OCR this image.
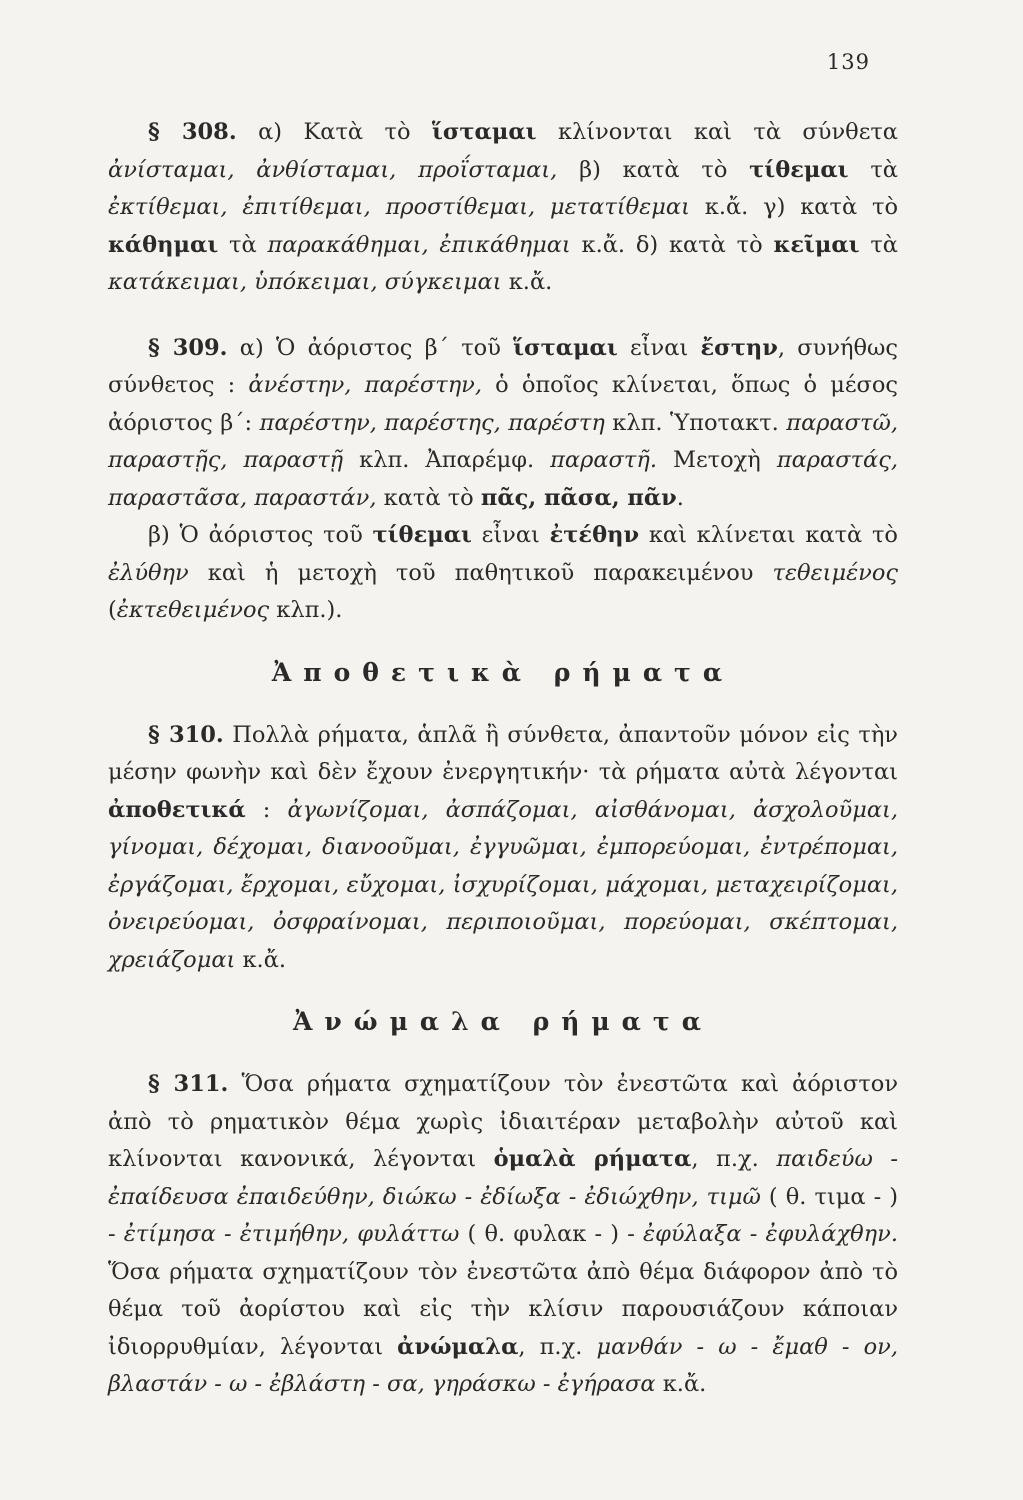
139

§ 308. α) Κατὰ τὸ ἵσταμαι κλίνονται καὶ τὰ σύνθετα ἀνίσταμαι, ἀνθίσταμαι, προΐσταμαι, β) κατὰ τὸ τίθεμαι τὰ ἐκτίθεμαι, ἐπιτίθεμαι, προστίθεμαι, μετατίθεμαι κ.ἄ. γ) κατὰ τὸ κάθημαι τὰ παρακάθημαι, ἐπικάθημαι κ.ἄ. δ) κατὰ τὸ κεῖμαι τὰ κατάκειμαι, ὑπόκειμαι, σύγκειμαι κ.ἄ.

§ 309. α) Ὁ ἀόριστος β΄ τοῦ ἵσταμαι εἶναι ἔστην, συνήθως σύνθετος : ἀνέστην, παρέστην, ὁ ὁποῖος κλίνεται, ὅπως ὁ μέσος ἀόριστος β΄: παρέστην, παρέστης, παρέστη κλπ. Ὑποτακτ. παραστῶ, παραστῇς, παραστῇ κλπ. Ἀπαρέμφ. παραστῆ. Μετοχὴ παραστάς, παραστᾶσα, παραστάν, κατὰ τὸ πᾶς, πᾶσα, πᾶν.

β) Ὁ ἀόριστος τοῦ τίθεμαι εἶναι ἐτέθην καὶ κλίνεται κατὰ τὸ ἐλύθην καὶ ἡ μετοχὴ τοῦ παθητικοῦ παρακειμένου τεθειμένος (ἐκτεθειμένος κλπ.).

Ἀποθετικὰ ρήματα

§ 310. Πολλὰ ρήματα, ἁπλᾶ ἢ σύνθετα, ἀπαντοῦν μόνον εἰς τὴν μέσην φωνὴν καὶ δὲν ἔχουν ἐνεργητικήν· τὰ ρήματα αὐτὰ λέγονται ἀποθετικά : ἀγωνίζομαι, ἀσπάζομαι, αἰσθάνομαι, ἀσχολοῦμαι, γίνομαι, δέχομαι, διανοοῦμαι, ἐγγυῶμαι, ἐμπορεύομαι, ἐντρέπομαι, ἐργάζομαι, ἔρχομαι, εὔχομαι, ἰσχυρίζομαι, μάχομαι, μεταχειρίζομαι, ὀνειρεύομαι, ὀσφραίνομαι, περιποιοῦμαι, πορεύομαι, σκέπτομαι, χρειάζομαι κ.ἄ.

Ἀνώμαλα ρήματα

§ 311. Ὅσα ρήματα σχηματίζουν τὸν ἐνεστῶτα καὶ ἀόριστον ἀπὸ τὸ ρηματικὸν θέμα χωρὶς ἰδιαιτέραν μεταβολὴν αὐτοῦ καὶ κλίνονται κανονικά, λέγονται ὁμαλὰ ρήματα, π.χ. παιδεύω - ἐπαίδευσα ἐπαιδεύθην, διώκω - ἐδίωξα - ἐδιώχθην, τιμῶ ( θ. τιμα - ) - ἐτίμησα - ἐτιμήθην, φυλάττω ( θ. φυλακ - ) - ἐφύλαξα - ἐφυλάχθην. Ὅσα ρήματα σχηματίζουν τὸν ἐνεστῶτα ἀπὸ θέμα διάφορον ἀπὸ τὸ θέμα τοῦ ἀορίστου καὶ εἰς τὴν κλίσιν παρουσιάζουν κάποιαν ἰδιορρυθμίαν, λέγονται ἀνώμαλα, π.χ. μανθάν - ω - ἔμαθ - ον, βλαστάν - ω - ἐβλάστη - σα, γηράσκω - ἐγήρασα κ.ἄ.
